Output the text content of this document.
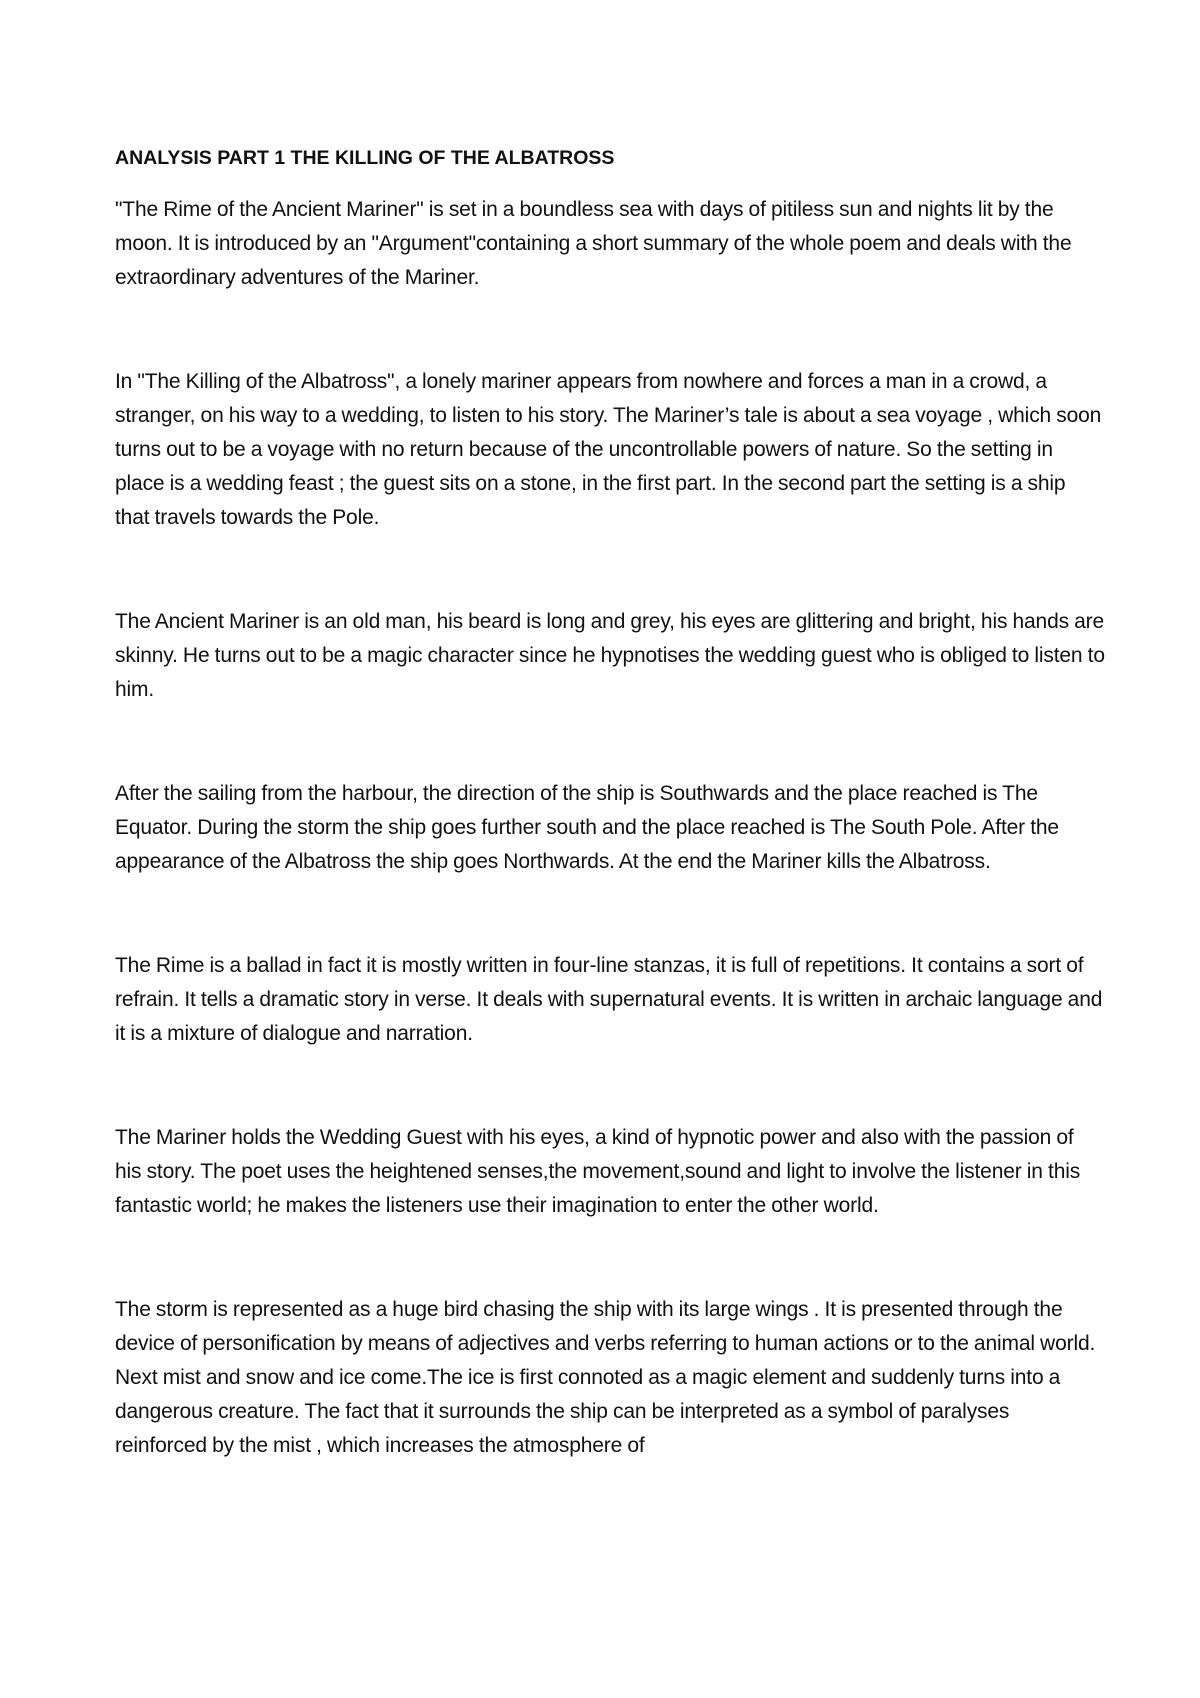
ANALYSIS PART 1 THE KILLING OF THE ALBATROSS

"The Rime of the Ancient Mariner" is set in a boundless sea with days of pitiless sun and nights lit by the moon. It is introduced by an "Argument"containing a short summary of the whole poem and deals with the extraordinary adventures of the Mariner.

In "The Killing of the Albatross", a lonely mariner appears from nowhere and forces a man in a crowd, a stranger, on his way to a wedding, to listen to his story. The Mariner’s tale is about a sea voyage , which soon turns out to be a voyage with no return because of the uncontrollable powers of nature. So the setting in place is a wedding feast ; the guest sits on a stone, in the first part. In the second part the setting is a ship that travels towards the Pole.

The Ancient Mariner is an old man, his beard is long and grey, his eyes are glittering and bright, his hands are skinny. He turns out to be a magic character since he hypnotises the wedding guest who is obliged to listen to him.

After the sailing from the harbour, the direction of the ship is Southwards and the place reached is The Equator. During the storm the ship goes further south and the place reached is The South Pole. After the appearance of the Albatross the ship goes Northwards. At the end the Mariner kills the Albatross.

The Rime is a ballad in fact it is mostly written in four-line stanzas, it is full of repetitions. It contains a sort of refrain. It tells a dramatic story in verse. It deals with supernatural events. It is written in archaic language and it is a mixture of dialogue and narration.

The Mariner holds the Wedding Guest with his eyes, a kind of hypnotic power and also with the passion of his story. The poet uses the heightened senses,the movement,sound and light to involve the listener in this fantastic world; he makes the listeners use their imagination to enter the other world.

The storm is represented as a huge bird chasing the ship with its large wings . It is presented through the device of personification by means of adjectives and verbs referring to human actions or to the animal world. Next mist and snow and ice come.The ice is first connoted as a magic element and suddenly turns into a dangerous creature. The fact that it surrounds the ship can be interpreted as a symbol of paralyses reinforced by the mist , which increases the atmosphere of
